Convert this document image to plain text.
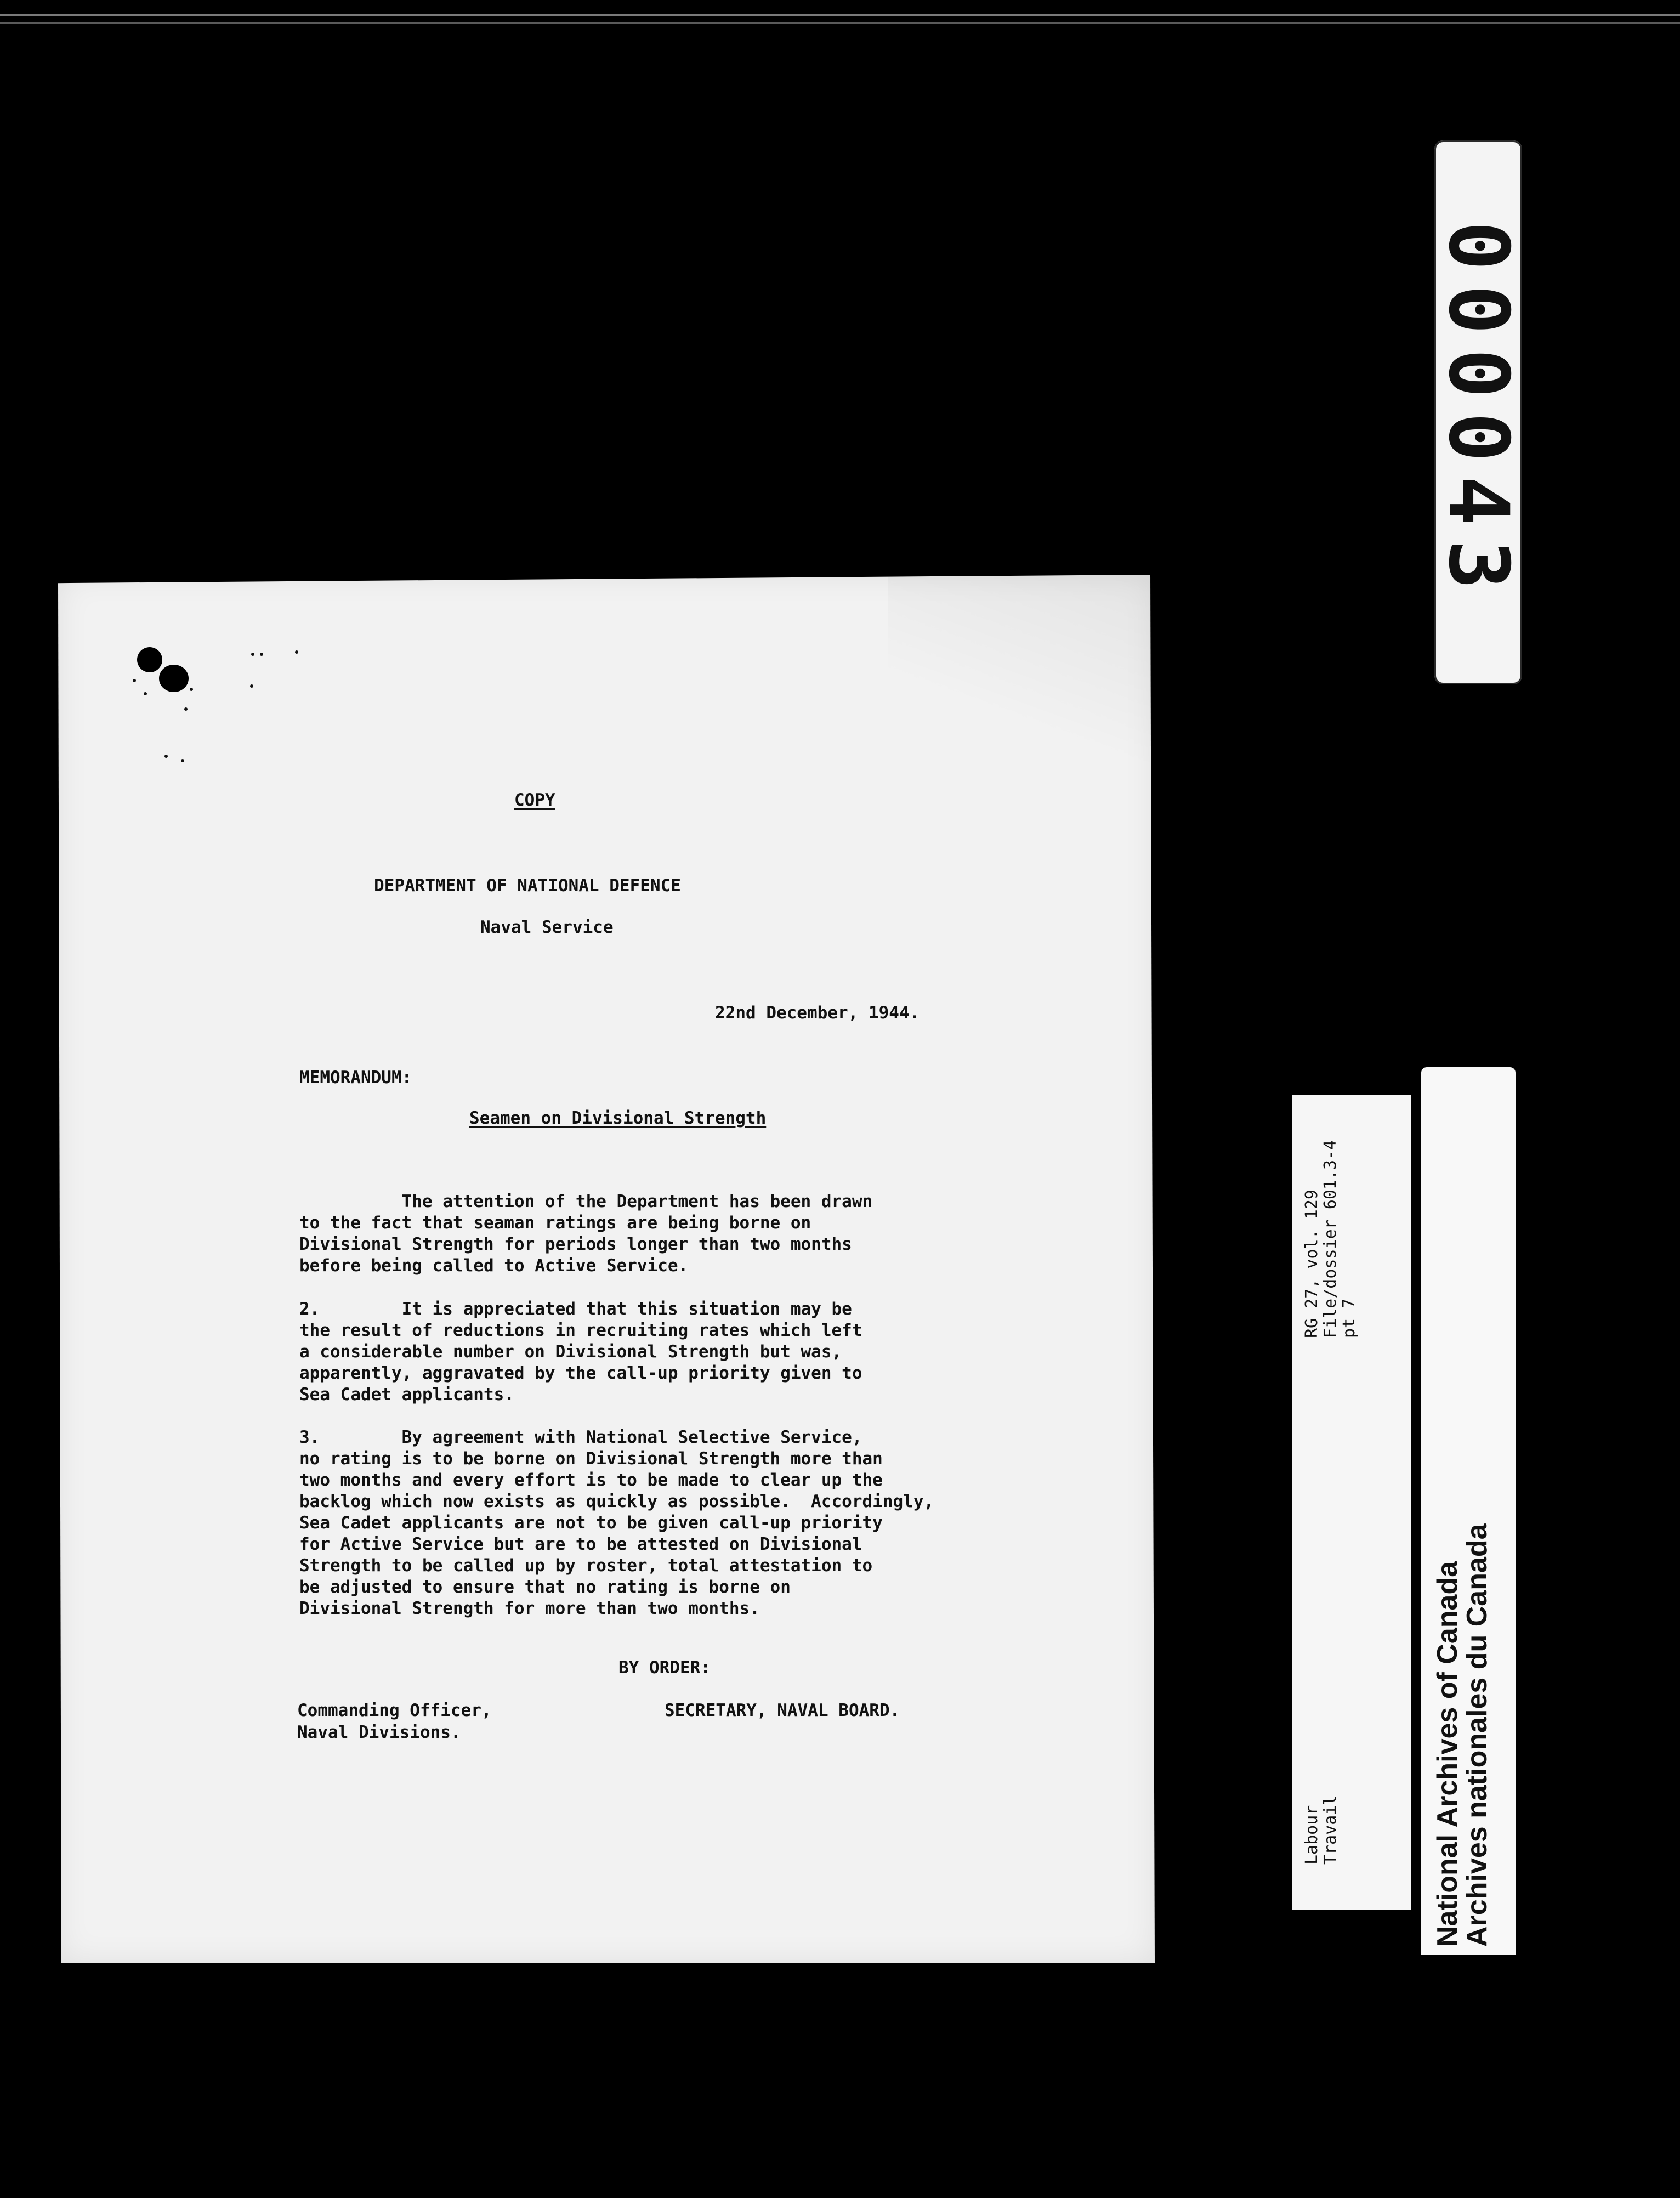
COPY
DEPARTMENT OF NATIONAL DEFENCE
Naval Service
22nd December, 1944.
MEMORANDUM:
Seamen on Divisional Strength
The attention of the Department has been drawn
to the fact that seaman ratings are being borne on
Divisional Strength for periods longer than two months
before being called to Active Service.
2.        It is appreciated that this situation may be
the result of reductions in recruiting rates which left
a considerable number on Divisional Strength but was,
apparently, aggravated by the call-up priority given to
Sea Cadet applicants.
3.        By agreement with National Selective Service,
no rating is to be borne on Divisional Strength more than
two months and every effort is to be made to clear up the
backlog which now exists as quickly as possible.  Accordingly,
Sea Cadet applicants are not to be given call-up priority
for Active Service but are to be attested on Divisional
Strength to be called up by roster, total attestation to
be adjusted to ensure that no rating is borne on
Divisional Strength for more than two months.
BY ORDER:
Commanding Officer,
Naval Divisions.
SECRETARY, NAVAL BOARD.
000043
RG 27, vol. 129 File/dossier 601.3-4 pt 7
Labour Travail	National Archives of Canada
Archives nationales du Canada
